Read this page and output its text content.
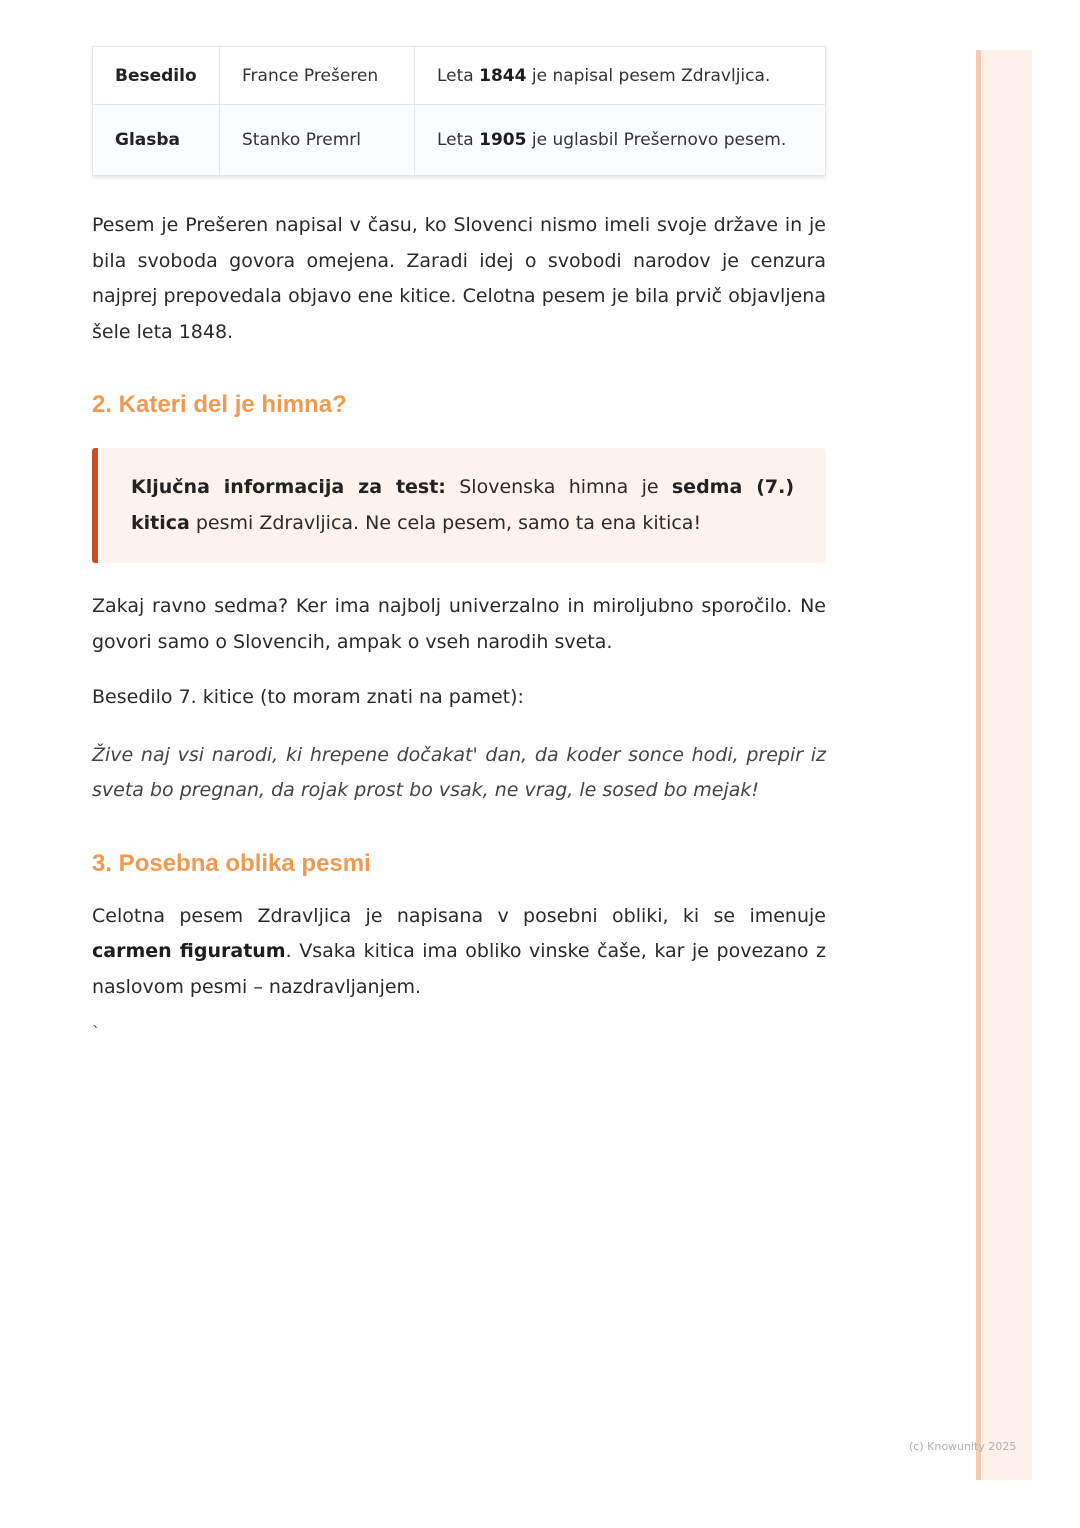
Besedilo	France Prešeren	Leta 1844 je napisal pesem Zdravljica.
Glasba	Stanko Premrl	Leta 1905 je uglasbil Prešernovo pesem.

Pesem je Prešeren napisal v času, ko Slovenci nismo imeli svoje države in je bila svoboda govora omejena. Zaradi idej o svobodi narodov je cenzura najprej prepovedala objavo ene kitice. Celotna pesem je bila prvič objavljena šele leta 1848.

2. Kateri del je himna?

Ključna informacija za test: Slovenska himna je sedma (7.) kitica pesmi Zdravljica. Ne cela pesem, samo ta ena kitica!

Zakaj ravno sedma? Ker ima najbolj univerzalno in miroljubno sporočilo. Ne govori samo o Slovencih, ampak o vseh narodih sveta.

Besedilo 7. kitice (to moram znati na pamet):

Žive naj vsi narodi, ki hrepene dočakat' dan, da koder sonce hodi, prepir iz sveta bo pregnan, da rojak prost bo vsak, ne vrag, le sosed bo mejak!

3. Posebna oblika pesmi

Celotna pesem Zdravljica je napisana v posebni obliki, ki se imenuje carmen figuratum. Vsaka kitica ima obliko vinske čaše, kar je povezano z naslovom pesmi – nazdravljanjem.

`
(c) Knowunity 2025
